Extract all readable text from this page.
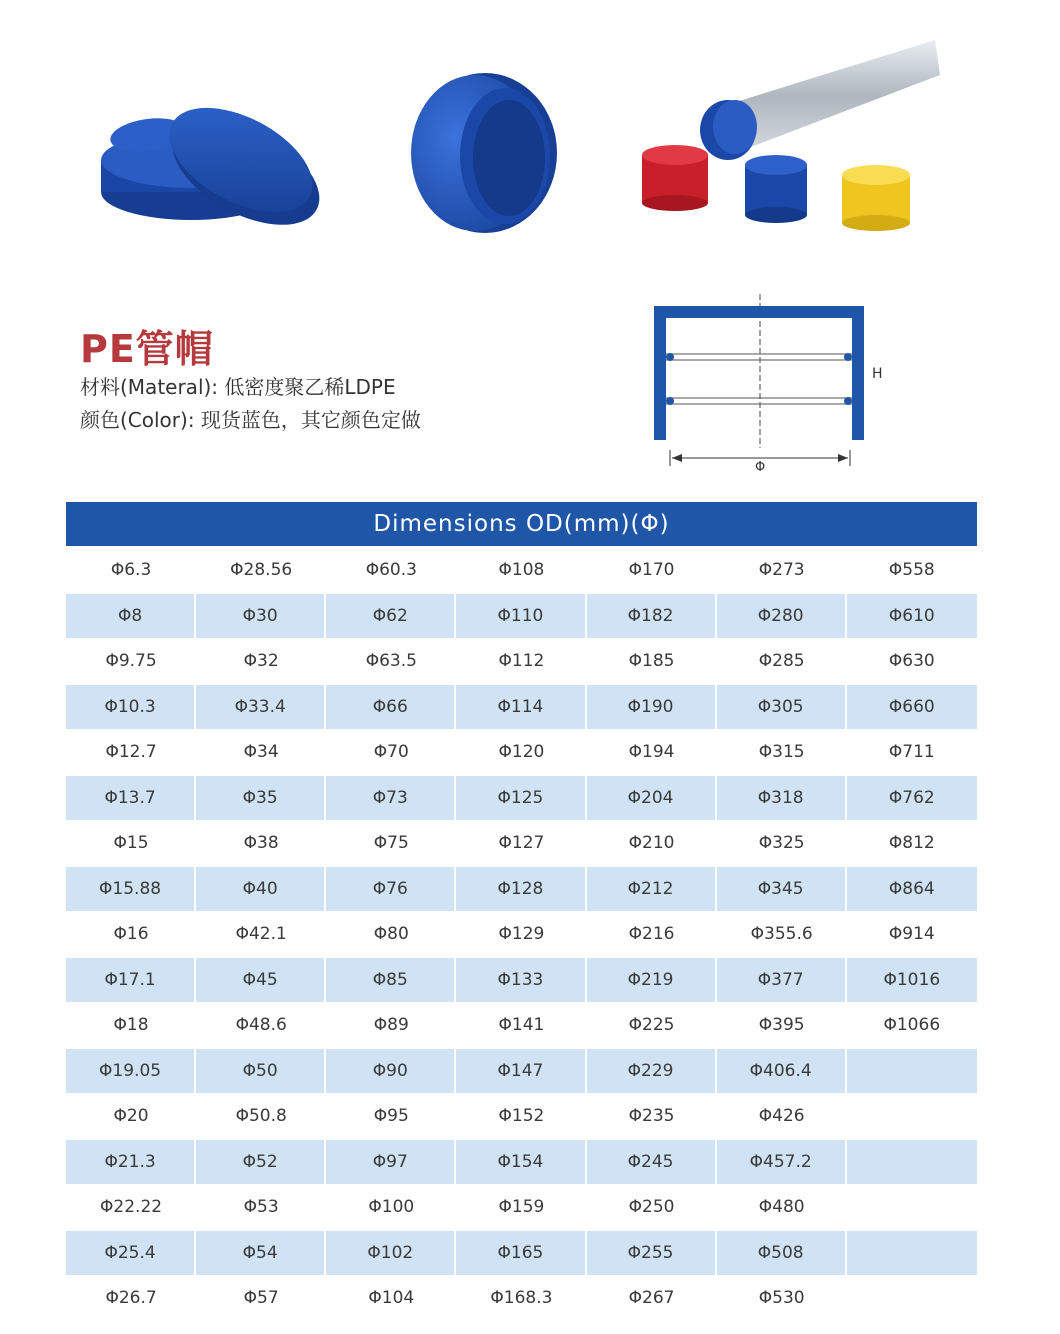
PE管帽
材料(Materal): 低密度聚乙稀LDPE
颜色(Color): 现货蓝色，其它颜色定做
H
Φ
Dimensions OD(mm)(Φ)
Φ6.3	Φ28.56	Φ60.3	Φ108	Φ170	Φ273	Φ558
Φ8	Φ30	Φ62	Φ110	Φ182	Φ280	Φ610
Φ9.75	Φ32	Φ63.5	Φ112	Φ185	Φ285	Φ630
Φ10.3	Φ33.4	Φ66	Φ114	Φ190	Φ305	Φ660
Φ12.7	Φ34	Φ70	Φ120	Φ194	Φ315	Φ711
Φ13.7	Φ35	Φ73	Φ125	Φ204	Φ318	Φ762
Φ15	Φ38	Φ75	Φ127	Φ210	Φ325	Φ812
Φ15.88	Φ40	Φ76	Φ128	Φ212	Φ345	Φ864
Φ16	Φ42.1	Φ80	Φ129	Φ216	Φ355.6	Φ914
Φ17.1	Φ45	Φ85	Φ133	Φ219	Φ377	Φ1016
Φ18	Φ48.6	Φ89	Φ141	Φ225	Φ395	Φ1066
Φ19.05	Φ50	Φ90	Φ147	Φ229	Φ406.4
Φ20	Φ50.8	Φ95	Φ152	Φ235	Φ426
Φ21.3	Φ52	Φ97	Φ154	Φ245	Φ457.2
Φ22.22	Φ53	Φ100	Φ159	Φ250	Φ480
Φ25.4	Φ54	Φ102	Φ165	Φ255	Φ508
Φ26.7	Φ57	Φ104	Φ168.3	Φ267	Φ530
